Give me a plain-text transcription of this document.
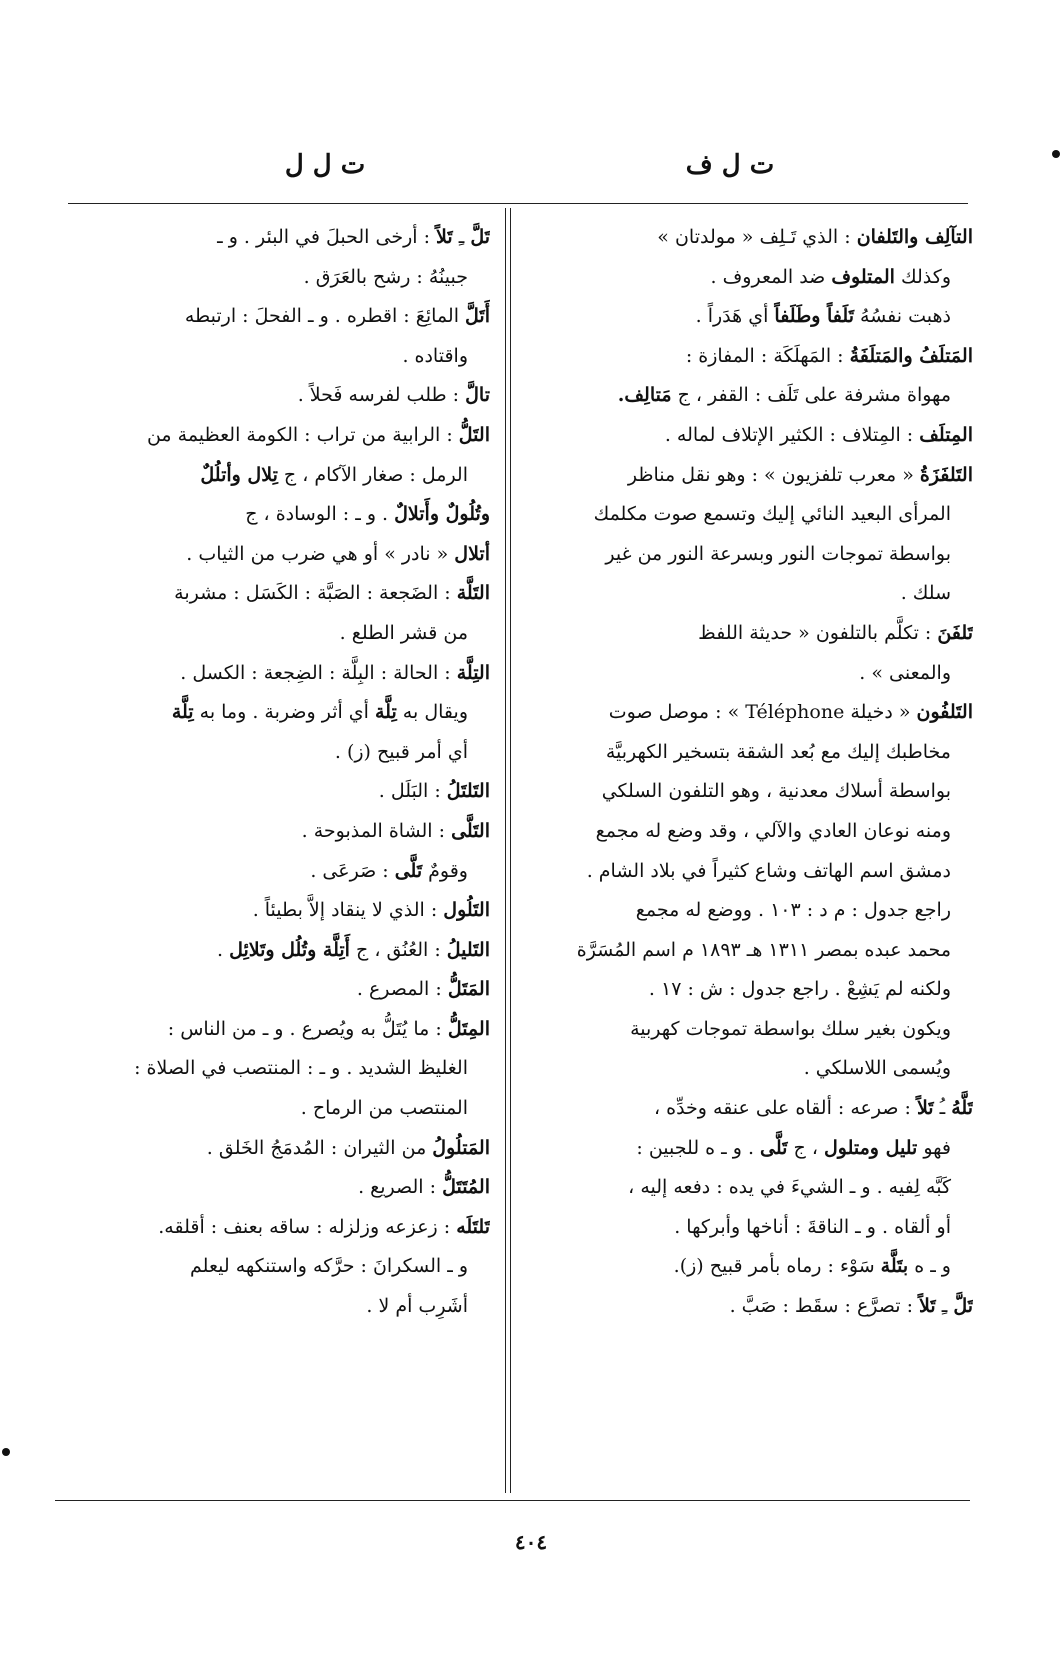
ت ل ف
ت ل ل
التآلِف والتَلفان : الذي تَـلِف « مولدتان »
وكذلك المتلوف ضد المعروف .
ذهبت نفسُهُ تَلَفاً وطَلَفاً أي هَدَراً .
المَتلَفُ والمَتلَفَةُ : المَهلَكَة : المفازة :
مهواة مشرفة على تَلَف : القفر ، ج مَتالِف.
المِتلَف : المِتلاف : الكثير الإتلاف لماله .
التَلفَزَةُ « معرب تلفزيون » : وهو نقل مناظر
المرأى البعيد النائي إليك وتسمع صوت مكلمك
بواسطة تموجات النور وبسرعة النور من غير
سلك .
تَلفَنَ : تكلَّم بالتلفون « حديثة اللفظ
والمعنى » .
التَلفُون « دخيلة Téléphone » : موصل صوت
مخاطبك إليك مع بُعد الشقة بتسخير الكهربيَّة
بواسطة أسلاك معدنية ، وهو التلفون السلكي
ومنه نوعان العادي والآلي ، وقد وضع له مجمع
دمشق اسم الهاتف وشاع كثيراً في بلاد الشام .
راجع جدول : م د : ١٠٣ . ووضع له مجمع
محمد عبده بمصر ١٣١١ هـ ١٨٩٣ م اسم المُسَرَّة
ولكنه لم يَشِعْ . راجع جدول : ش : ١٧ .
ويكون بغير سلك بواسطة تموجات كهربية
ويُسمى اللاسلكي .
تَلَّهُ ـُ تَلاً : صرعه : ألقاه على عنقه وخدِّه ،
فهو تليل ومتلول ، ج تَلَّى . و ـ ه للجبين :
كَبَّه لِفيه . و ـ الشيءَ في يده : دفعه إليه ،
أو ألقاه . و ـ الناقةَ : أناخها وأبركها .
و ـ ه بتَلَّة سَوْء : رماه بأمر قبيح (ز).
تَلَّ ـِ تَلاً : تصرَّع : سقَط : صَبَّ .
تَلَّ ـِ تَلاً : أرخى الحبلَ في البئر . و ـ
جبينُهُ : رشح بالعَرَق .
أَتَلَّ المائِعَ : اقطره . و ـ الفحلَ : ارتبطه
واقتاده .
تالَّ : طلب لفرسه فَحلاً .
التَلُّ : الرابية من تراب : الكومة العظيمة من
الرمل : صغار الآكام ، ج تِلال وأتلُلٌ
وتُلُولٌ وأَتلالٌ . و ـ : الوسادة ، ج
أتلال « نادر » أو هي ضرب من الثياب .
التَلَّة : الضَجعة : الصَبَّة : الكَسَل : مشربة
من قشر الطلع .
التِلَّة : الحالة : البِلَّة : الضِجعة : الكسل .
ويقال به تِلَّة أي أثر وضربة . وما به تِلَّة
أي أمر قبيح (ز) .
التَلتَلُ : البَلَل .
التَلَّى : الشاة المذبوحة .
وقومٌ تَلَّى : صَرعَى .
التَلُول : الذي لا ينقاد إلاَّ بطيئاً .
التَليلُ : العُنُق ، ج أَتِلَّة وتُلُل وتَلائِل .
المَتَلُّ : المصرع .
المِتَلُّ : ما يُتَلُّ به ويُصرع . و ـ من الناس :
الغليظ الشديد . و ـ : المنتصب في الصلاة :
المنتصب من الرماح .
المَتلُولُ من الثيران : المُدمَجُ الخَلق .
المُتَتَلُّ : الصريع .
تَلتَلَه : زعزعه وزلزله : ساقه بعنف : أقلقه.
و ـ السكرانَ : حرَّكه واستنكهه ليعلم
أشَرِب أم لا .
٤٠٤
